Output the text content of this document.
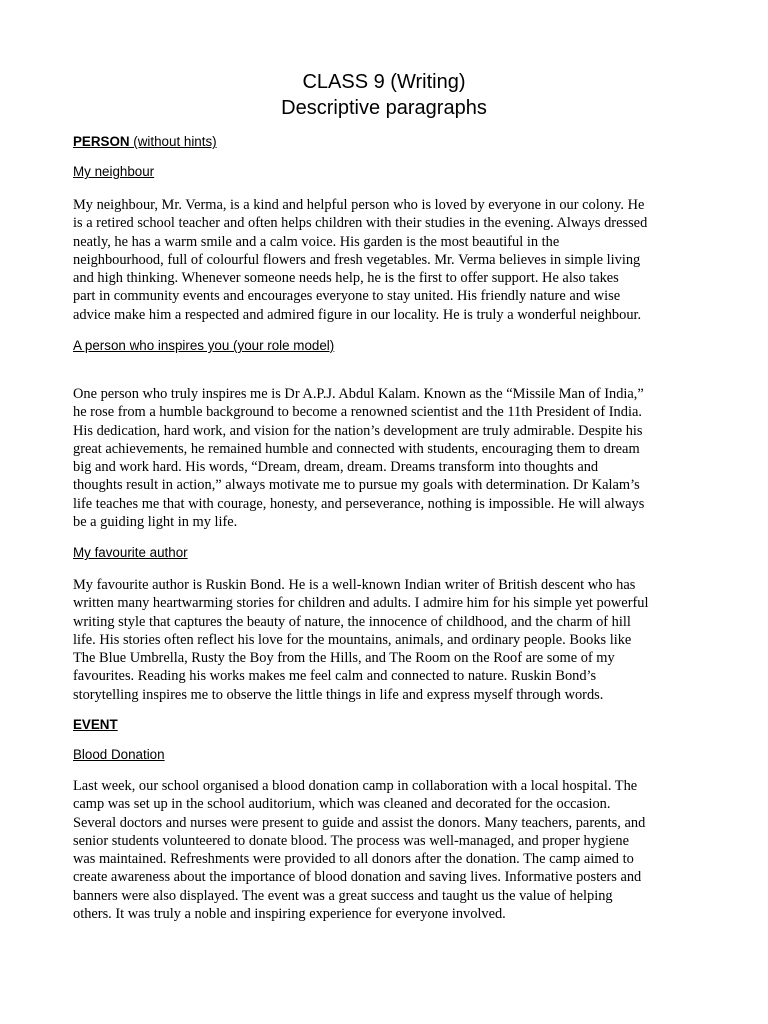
CLASS 9 (Writing)
Descriptive paragraphs
PERSON (without hints)
My neighbour
My neighbour, Mr. Verma, is a kind and helpful person who is loved by everyone in our colony. He
is a retired school teacher and often helps children with their studies in the evening. Always dressed
neatly, he has a warm smile and a calm voice. His garden is the most beautiful in the
neighbourhood, full of colourful flowers and fresh vegetables. Mr. Verma believes in simple living
and high thinking. Whenever someone needs help, he is the first to offer support. He also takes
part in community events and encourages everyone to stay united. His friendly nature and wise
advice make him a respected and admired figure in our locality. He is truly a wonderful neighbour.
A person who inspires you (your role model)
One person who truly inspires me is Dr A.P.J. Abdul Kalam. Known as the “Missile Man of India,”
he rose from a humble background to become a renowned scientist and the 11th President of India.
His dedication, hard work, and vision for the nation’s development are truly admirable. Despite his
great achievements, he remained humble and connected with students, encouraging them to dream
big and work hard. His words, “Dream, dream, dream. Dreams transform into thoughts and
thoughts result in action,” always motivate me to pursue my goals with determination. Dr Kalam’s
life teaches me that with courage, honesty, and perseverance, nothing is impossible. He will always
be a guiding light in my life.
My favourite author
My favourite author is Ruskin Bond. He is a well-known Indian writer of British descent who has
written many heartwarming stories for children and adults. I admire him for his simple yet powerful
writing style that captures the beauty of nature, the innocence of childhood, and the charm of hill
life. His stories often reflect his love for the mountains, animals, and ordinary people. Books like
The Blue Umbrella, Rusty the Boy from the Hills, and The Room on the Roof are some of my
favourites. Reading his works makes me feel calm and connected to nature. Ruskin Bond’s
storytelling inspires me to observe the little things in life and express myself through words.
EVENT
Blood Donation
Last week, our school organised a blood donation camp in collaboration with a local hospital. The
camp was set up in the school auditorium, which was cleaned and decorated for the occasion.
Several doctors and nurses were present to guide and assist the donors. Many teachers, parents, and
senior students volunteered to donate blood. The process was well-managed, and proper hygiene
was maintained. Refreshments were provided to all donors after the donation. The camp aimed to
create awareness about the importance of blood donation and saving lives. Informative posters and
banners were also displayed. The event was a great success and taught us the value of helping
others. It was truly a noble and inspiring experience for everyone involved.
